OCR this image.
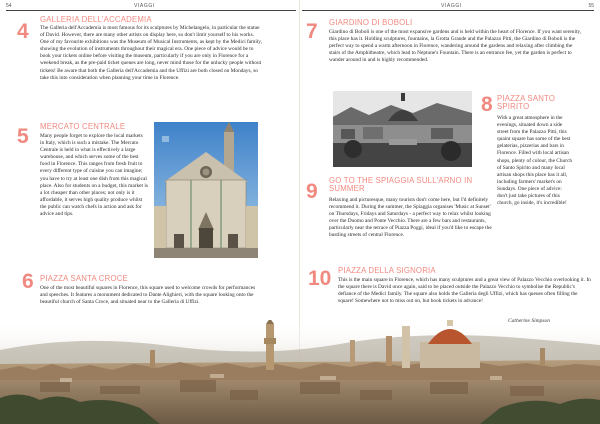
54	VIAGGI
4
GALLERIA DELL'ACCADEMIA
The Galleria dell'Accademia is most famous for its sculptures by Michelangelo, in particular the statue of David. However, there are many other artists on display here, so don't limit yourself to his works. One of my favourite exhibitions was the Museum of Musical Instruments, as kept by the Medici family, showing the evolution of instruments throughout their magical era. One piece of advice would be to book your tickets online before visiting the museum, particularly if you are only in Florence for a weekend break, as the pre-paid ticket queues are long, never mind those for the unlucky people without tickets! Be aware that both the Galleria dell'Accademia and the Uffizi are both closed on Mondays, so take this into consideration when planning your time in Florence.
5 MERCATO CENTRALE
Many people forget to explore the local markets in Italy, which is such a mistake. The Mercato Centrale is held in what is effectively a large warehouse, and which serves some of the best food in Florence. This ranges from fresh fruit to every different type of cuisine you can imagine; you have to try at least one dish from this magical place. Also for students on a budget, this market is a lot cheaper than other places; not only is it affordable, it serves high quality produce whilst the public can watch chefs in action and ask for advice and tips.
6 PIAZZA SANTA CROCE
One of the most beautiful squares in Florence, this square used to welcome crowds for performances and speeches. It features a monument dedicated to Dante Alighieri, with the square looking onto the beautiful church of Santa Croce, and situated near to the Galleria di Uffizi.
VIAGGI	55
7 GIARDINO DI BOBOLI
Giardino di Boboli is one of the most expansive gardens and is held within the heart of Florence. If you want serenity, this place has it. Holding sculptures, fountains, la Grotta Grande and the Palazzo Pitti, the Giardino di Boboli is the perfect way to spend a warm afternoon in Florence, wandering around the gardens and relaxing after climbing the stairs of the Amphitheatre, which lead to Neptune's Fountain. There is an entrance fee, yet the garden is perfect to wander around in and is highly recommended.
8 PIAZZA SANTO SPIRITO
With a great atmosphere in the evenings, situated down a side street from the Palazzo Pitti, this quaint square has some of the best gelaterias, pizzerias and bars in Florence. Filled with local artisan shops, plenty of colour, the Church of Santo Spirito and many local artisan shops this place has it all, including farmers' market's on Sundays. One piece of advice: don't just take pictures of this church, go inside, it's incredible!
9 GO TO THE SPIAGGIA SULL'ARNO IN SUMMER
Relaxing and picturesque, many tourists don't come here, but I'd definitely recommend it. During the summer, the Spiaggia organises 'Music at Sunset' on Thursdays, Fridays and Saturdays - a perfect way to relax whilst looking over the Duomo and Ponte Vecchio. There are a few bars and restaurants, particularly near the terrace of Piazza Poggi, ideal if you'd like to escape the bustling streets of central Florence.
10 PIAZZA DELLA SIGNORIA
This is the main square in Florence, which has many sculptures and a great view of Palazzo Vecchio overlooking it. In the square there is David once again, said to be placed outside the Palazzo Vecchio to symbolise the Republic's defiance of the Medici family. The square also holds the Galleria degli Uffizi, which has queues often filling the square! Somewhere not to miss out on, but book tickets in advance!
